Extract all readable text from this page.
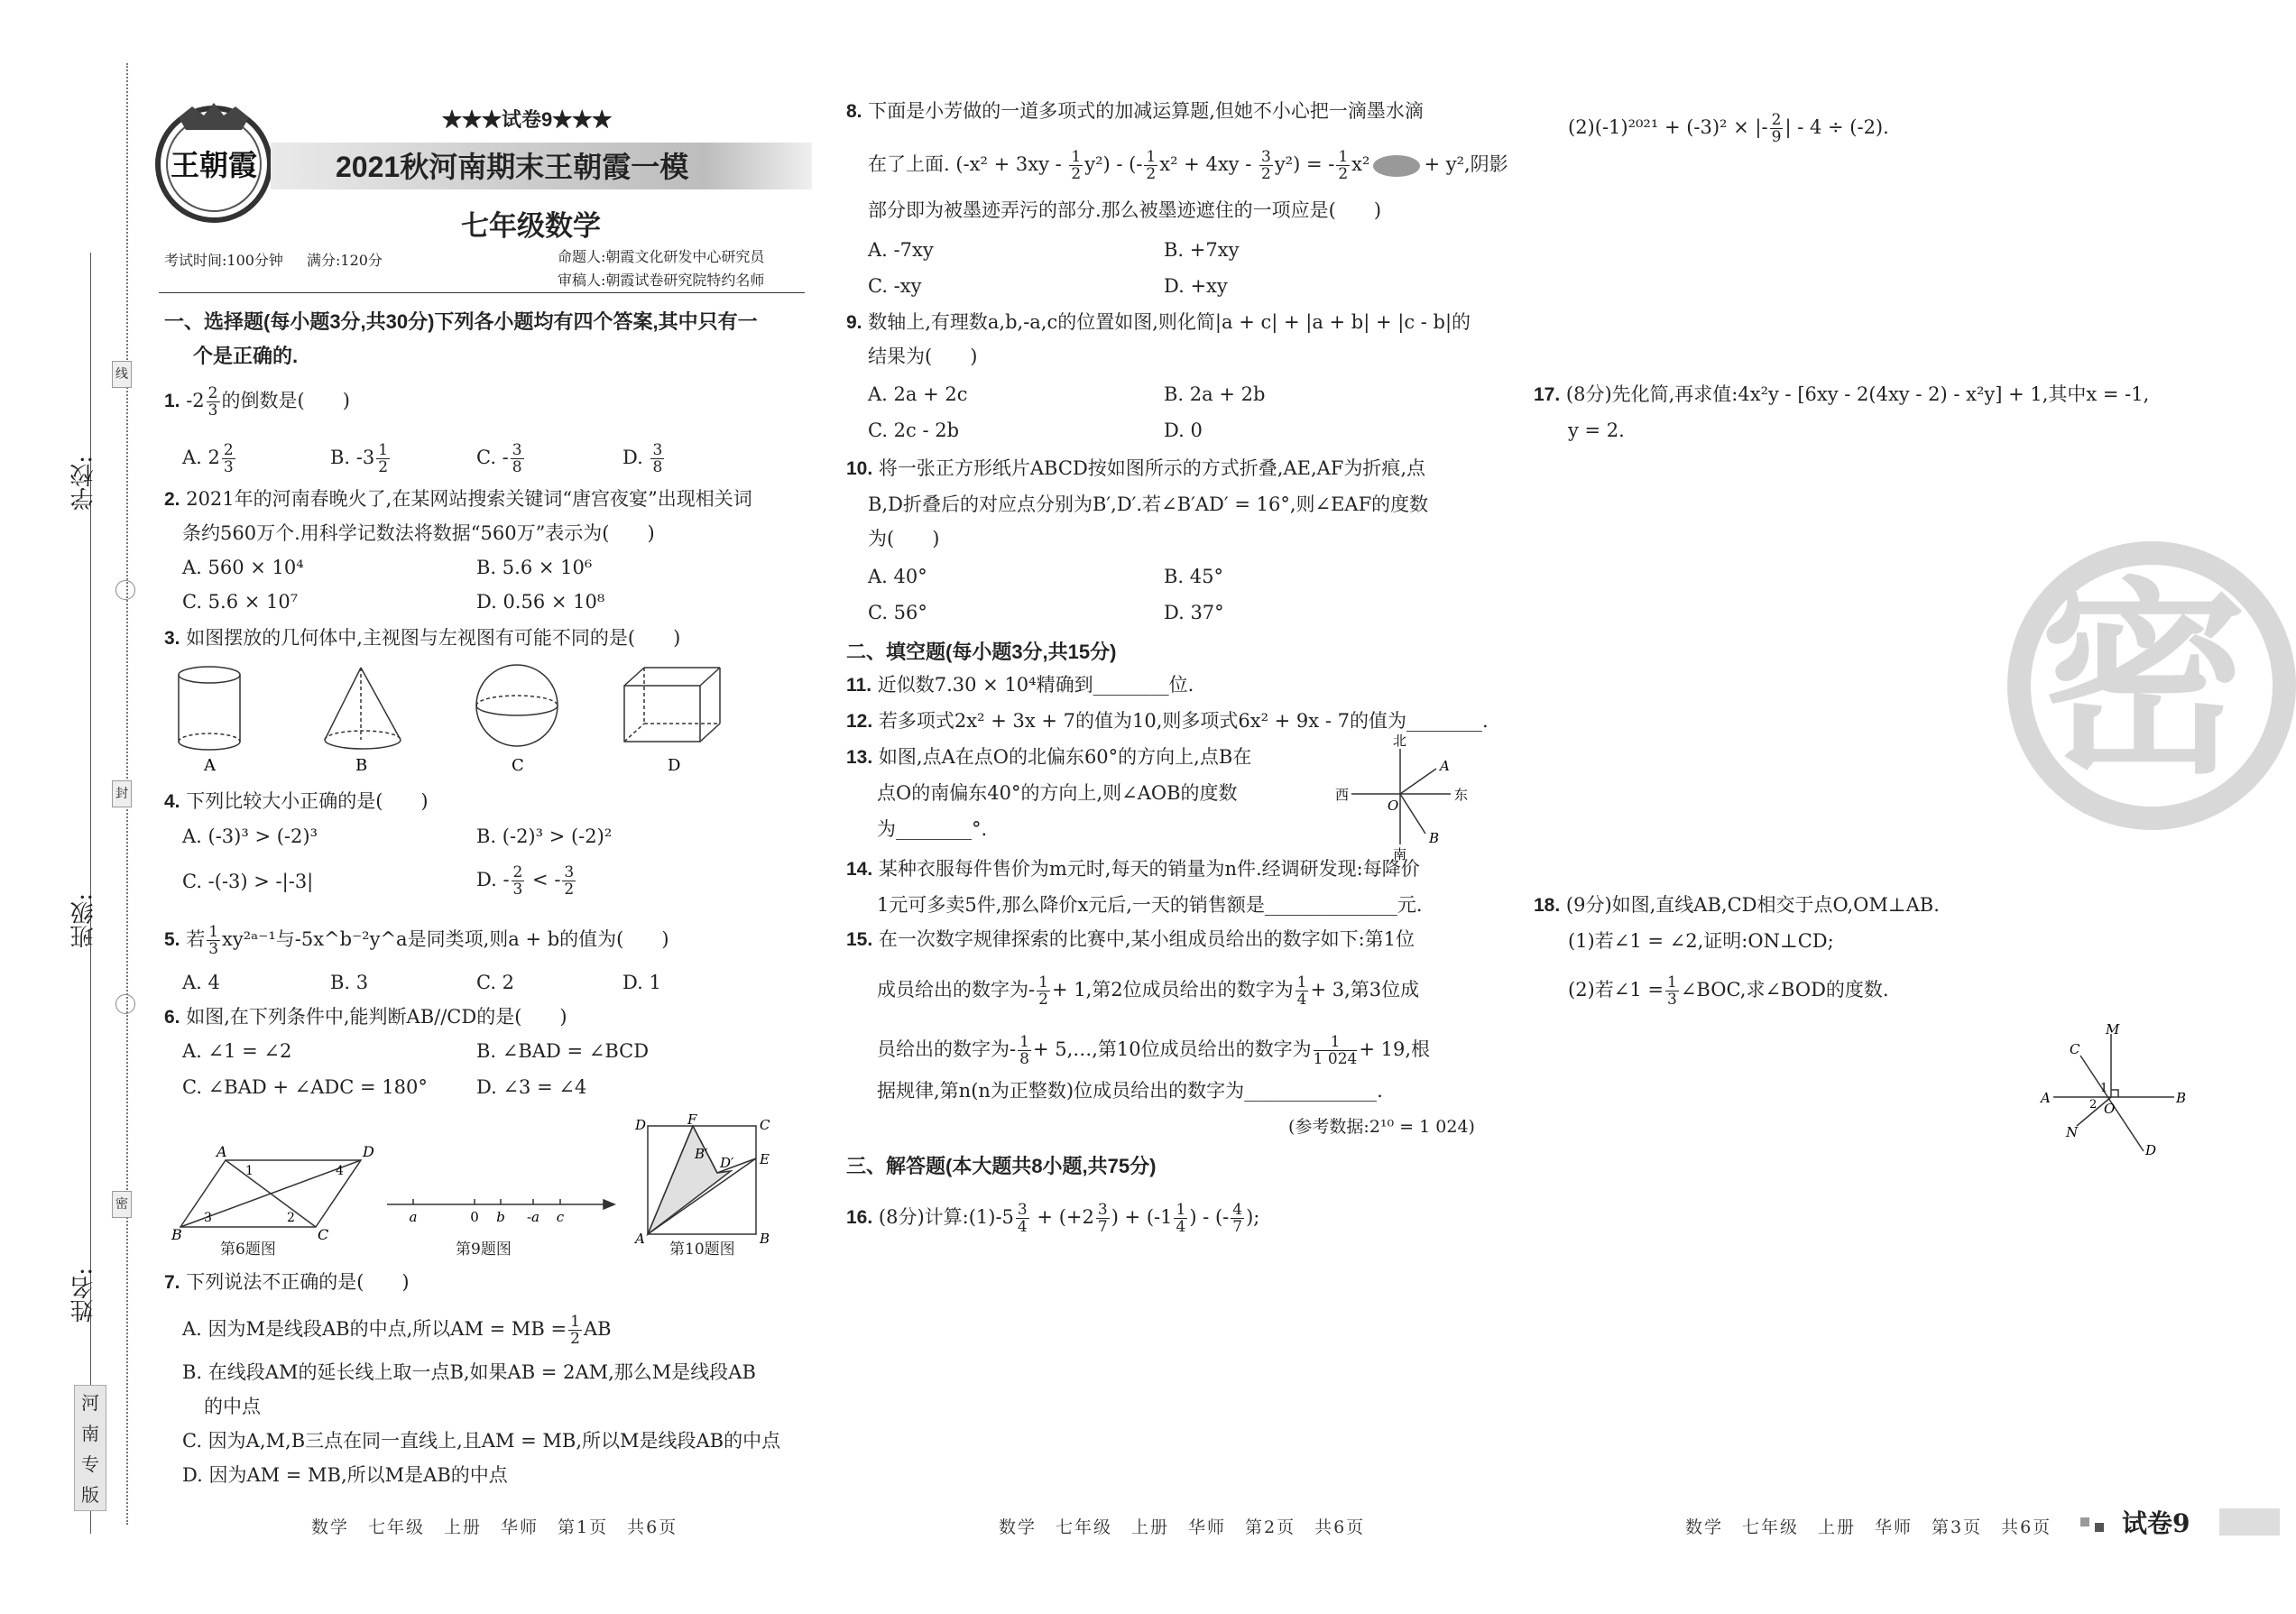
学校:
班级:
姓名:
线
封
密
河南专版
王朝霞
★★★试卷9★★★
2021秋河南期末王朝霞一模
七年级数学
考试时间:100分钟 满分:120分	命题人:朝霞文化研发中心研究员
审稿人:朝霞试卷研究院特约名师
一、选择题(每小题3分,共30分)下列各小题均有四个答案,其中只有一
个是正确的.
1. $-2 \frac{2}{3}$ 的倒数是(　　)
A. $2 \frac{2}{3}$	B. $-3 \frac{1}{2}$	C. - $\frac{3}{8}$	D. $\frac{3}{8}$
2. 2021年的河南春晚火了,在某网站搜索关键词“唐宫夜宴”出现相关词
条约560万个.用科学记数法将数据“560万”表示为(　　)
A. 560 × 10⁴	B. 5.6 × 10⁶
C. 5.6 × 10⁷	D. 0.56 × 10⁸
3. 如图摆放的几何体中,主视图与左视图有可能不同的是(　　)
A	B	C	D
4. 下列比较大小正确的是(　　)
A. (-3)³ > (-2)³	B. (-2)³ > (-2)²
C. -(-3) > -|-3|	D. - $\frac{2}{3}$ < - $\frac{3}{2}$
5. 若 $\frac{1}{3}$ xy²ᵃ⁻¹与-5x^b⁻²y^a是同类项,则a + b的值为(　　)
A. 4	B. 3	C. 2	D. 1
6. 如图,在下列条件中,能判断AB//CD的是(　　)
A. ∠1 = ∠2	B. ∠BAD = ∠BCD
C. ∠BAD + ∠ADC = 180°	D. ∠3 = ∠4
A	D
B	C
1	4
2
3	a	0 b -a c
D	F	C
E
A	B
B′
D′
第6题图	第9题图	第10题图
7. 下列说法不正确的是(　　)
A. 因为M是线段AB的中点,所以AM = MB = $\frac{1}{2}$ AB
B. 在线段AM的延长线上取一点B,如果AB = 2AM,那么M是线段AB
的中点
C. 因为A,M,B三点在同一直线上,且AM = MB,所以M是线段AB的中点
D. 因为AM = MB,所以M是AB的中点
数学　七年级　上册　华师　第1页　共6页
8. 下面是小芳做的一道多项式的加减运算题,但她不小心把一滴墨水滴
在了上面. $(-x^2 + 3xy - \frac{1}{2} y^2)$ - (- $\frac{1}{2} x^2 + 4xy - \frac{3}{2} y^2$) = - $\frac{1}{2} x^2$	+ y²,阴影
部分即为被墨迹弄污的部分.那么被墨迹遮住的一项应是(　　)
A. -7xy	B. +7xy
C. -xy	D. +xy
9. 数轴上,有理数a,b,-a,c的位置如图,则化简|a + c| + |a + b| + |c - b|的
结果为(　　)
A. 2a + 2c	B. 2a + 2b
C. 2c - 2b	D. 0
10. 将一张正方形纸片ABCD按如图所示的方式折叠,AE,AF为折痕,点
B,D折叠后的对应点分别为B′,D′.若∠B′AD′ = 16°,则∠EAF的度数
为(　　)
A. 40°	B. 45°
C. 56°	D. 37°
二、填空题(每小题3分,共15分)
11. 近似数7.30 × 10⁴精确到________位.
12. 若多项式2x² + 3x + 7的值为10,则多项式6x² + 9x - 7的值为________.
13. 如图,点A在点O的北偏东60°的方向上,点B在
点O的南偏东40°的方向上,则∠AOB的度数
为________°.
北
南
西	东
A
B
O
14. 某种衣服每件售价为m元时,每天的销量为n件.经调研发现:每降价
1元可多卖5件,那么降价x元后,一天的销售额是______________元.
15. 在一次数字规律探索的比赛中,某小组成员给出的数字如下:第1位
成员给出的数字为- $\frac{1}{2} + 1$,第2位成员给出的数字为 $\frac{1}{4} + 3$,第3位成
员给出的数字为- $\frac{1}{8}$ + 5,…,第10位成员给出的数字为 $\frac{1}{1 024} + 19$,根
据规律,第n(n为正整数)位成员给出的数字为______________.
(参考数据:2¹⁰ = 1 024)
三、解答题(本大题共8小题,共75分)
16. (8分)计算:(1)-5 $\frac{3}{4} + (+2 \frac{3}{7}$ ) + ($-1 \frac{1}{4}$ ) - (- $\frac{4}{7}$ );
数学　七年级　上册　华师　第2页　共6页
(2)(-1)²⁰²¹ + (-3)² × |- $\frac{2}{9}$ | - 4 ÷ (-2).
17. (8分)先化简,再求值:4x²y - [6xy - 2(4xy - 2) - x²y] + 1,其中x = -1,
y = 2.
密
18. (9分)如图,直线AB,CD相交于点O,OM⊥AB.
(1)若∠1 = ∠2,证明:ON⊥CD;
(2)若∠1 = $\frac{1}{3}$ ∠BOC,求∠BOD的度数.
A	B
C
D
M
N
O
1
2
数学　七年级　上册　华师　第3页　共6页	试卷9
